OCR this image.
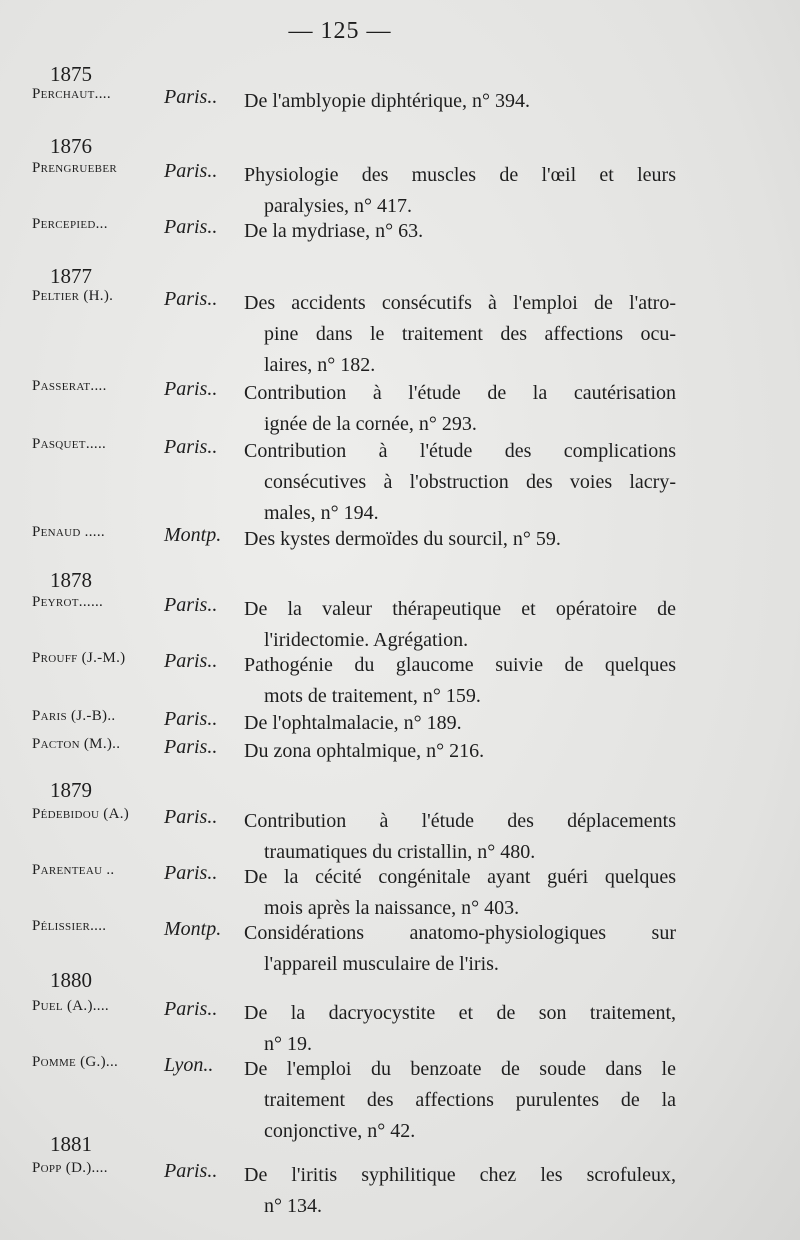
— 125 —
1875
Perchaut....	Paris..	De l'amblyopie diphtérique, n° 394.
1876
Prengrueber	Paris..	Physiologie des muscles de l'œil et leurs
paralysies, n° 417.
Percepied...	Paris..	De la mydriase, n° 63.
1877
Peltier (H.).	Paris..	Des accidents consécutifs à l'emploi de l'atro-
pine dans le traitement des affections ocu-
laires, n° 182.
Passerat....	Paris..	Contribution à l'étude de la cautérisation
ignée de la cornée, n° 293.
Pasquet.....	Paris..	Contribution à l'étude des complications
consécutives à l'obstruction des voies lacry-
males, n° 194.
Penaud .....	Montp.	Des kystes dermoïdes du sourcil, n° 59.
1878
Peyrot......	Paris..	De la valeur thérapeutique et opératoire de
l'iridectomie. Agrégation.
Prouff (J.-M.)	Paris..	Pathogénie du glaucome suivie de quelques
mots de traitement, n° 159.
Paris (J.-B)..	Paris..	De l'ophtalmalacie, n° 189.
Pacton (M.)..	Paris..	Du zona ophtalmique, n° 216.
1879
Pédebidou (A.)	Paris..	Contribution à l'étude des déplacements
traumatiques du cristallin, n° 480.
Parenteau ..	Paris..	De la cécité congénitale ayant guéri quelques
mois après la naissance, n° 403.
Pélissier....	Montp.	Considérations anatomo-physiologiques sur
l'appareil musculaire de l'iris.
1880
Puel (A.)....	Paris..	De la dacryocystite et de son traitement,
n° 19.
Pomme (G.)...	Lyon..	De l'emploi du benzoate de soude dans le
traitement des affections purulentes de la
conjonctive, n° 42.
1881
Popp (D.)....	Paris..	De l'iritis syphilitique chez les scrofuleux,
n° 134.
